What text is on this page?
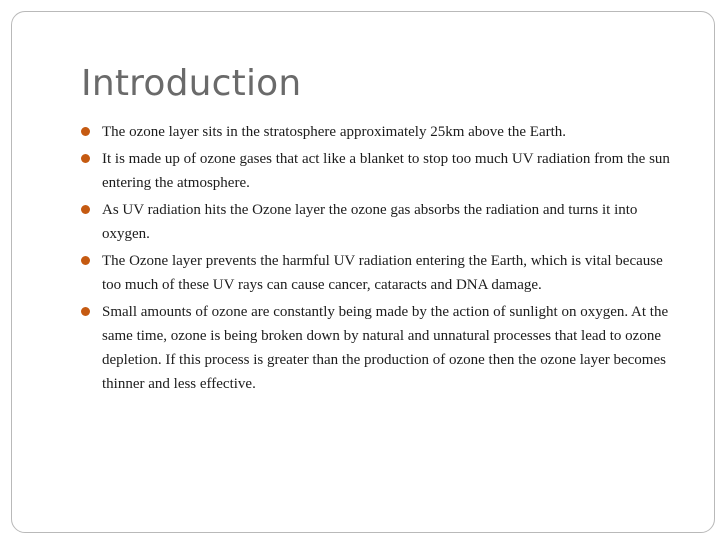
Introduction
The ozone layer sits in the stratosphere approximately 25km above the Earth.
It is made up of ozone gases that act like a blanket to stop too much UV radiation from the sun entering the atmosphere.
As UV radiation hits the Ozone layer the ozone gas absorbs the radiation and turns it into oxygen.
The Ozone layer prevents the harmful UV radiation entering the Earth, which is vital because too much of these UV rays can cause cancer, cataracts and DNA damage.
Small amounts of ozone are constantly being made by the action of sunlight on oxygen. At the same time, ozone is being broken down by natural and unnatural processes that lead to ozone depletion. If this process is greater than the production of ozone then the ozone layer becomes thinner and less effective.
